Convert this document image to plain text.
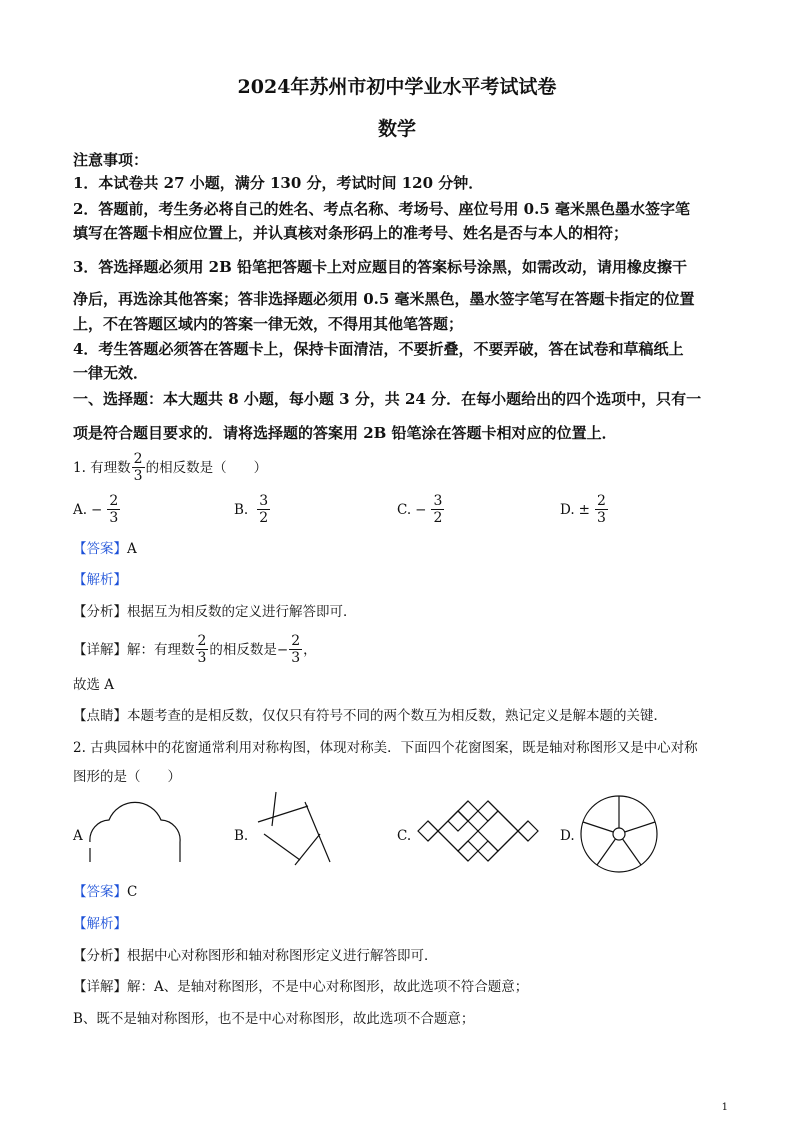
2024年苏州市初中学业水平考试试卷
数学
注意事项：
1．本试卷共 27 小题，满分 130 分，考试时间 120 分钟．
2．答题前，考生务必将自己的姓名、考点名称、考场号、座位号用 0.5 毫米黑色墨水签字笔
填写在答题卡相应位置上，并认真核对条形码上的准考号、姓名是否与本人的相符；
3．答选择题必须用 2B 铅笔把答题卡上对应题目的答案标号涂黑，如需改动，请用橡皮擦干
净后，再选涂其他答案；答非选择题必须用 0.5 毫米黑色，墨水签字笔写在答题卡指定的位置
上，不在答题区域内的答案一律无效，不得用其他笔答题；
4．考生答题必须答在答题卡上，保持卡面清洁，不要折叠，不要弄破，答在试卷和草稿纸上
一律无效．
一、选择题：本大题共 8 小题，每小题 3 分，共 24 分．在每小题给出的四个选项中，只有一
项是符合题目要求的．请将选择题的答案用 2B 铅笔涂在答题卡相对应的位置上．
1. 有理数 $\frac{2}{3}$ 的相反数是（　　）
A. − $\frac{2}{3}$	B. $\frac{3}{2}$	C. − $\frac{3}{2}$	D. ± $\frac{2}{3}$
【答案】A
【解析】
【分析】根据互为相反数的定义进行解答即可．
【详解】 解：有理数 $\frac{2}{3}$ 的相反数是 − $\frac{2}{3}$ ，
故选 A
【点睛】本题考查的是相反数，仅仅只有符号不同的两个数互为相反数，熟记定义是解本题的关键．
2. 古典园林中的花窗通常利用对称构图，体现对称美．下面四个花窗图案，既是轴对称图形又是中心对称
图形的是（　　）
A	B.	C.	D.
【答案】C
【解析】
【分析】根据中心对称图形和轴对称图形定义进行解答即可．
【详解】解：A、是轴对称图形，不是中心对称图形，故此选项不符合题意；
B、既不是轴对称图形，也不是中心对称图形，故此选项不合题意；
1
